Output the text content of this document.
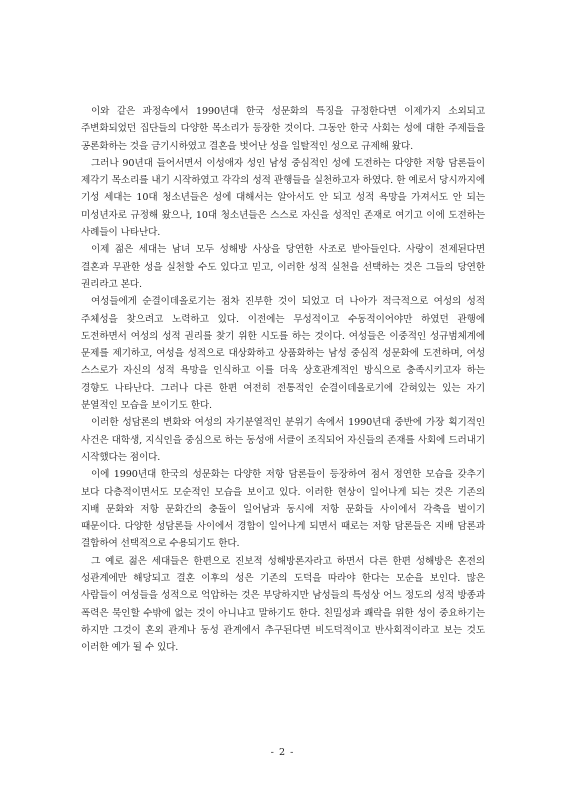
이와 같은 과정속에서 1990년대 한국 성문화의 특징을 규정한다면 이제가지 소외되고 주변화되었던 집단들의 다양한 목소리가 등장한 것이다. 그동안 한국 사회는 성에 대한 주제들을 공론화하는 것을 금기시하였고 결혼을 벗어난 성을 일탈적인 성으로 규제해 왔다.

그러나 90년대 들어서면서 이성애자 성인 남성 중심적인 성에 도전하는 다양한 저항 담론들이 제각기 목소리를 내기 시작하였고 각각의 성적 관행들을 실천하고자 하였다. 한 예로서 당시까지에 기성 세대는 10대 청소년들은 성에 대해서는 알아서도 안 되고 성적 욕망을 가져서도 안 되는 미성년자로 규정해 왔으나, 10대 청소년들은 스스로 자신을 성적인 존재로 여기고 이에 도전하는 사례들이 나타난다.

이제 젊은 세대는 남녀 모두 성해방 사상을 당연한 사조로 받아들인다. 사랑이 전제된다면 결혼과 무관한 성을 실천할 수도 있다고 믿고, 이러한 성적 실천을 선택하는 것은 그들의 당연한 권리라고 본다.

여성들에게 순결이데올로기는 점차 진부한 것이 되었고 더 나아가 적극적으로 여성의 성적 주체성을 찾으려고 노력하고 있다. 이전에는 무성적이고 수동적이어야만 하였던 관행에 도전하면서 여성의 성적 권리를 찾기 위한 시도를 하는 것이다. 여성들은 이중적인 성규범체계에 문제를 제기하고, 여성을 성적으로 대상화하고 상품화하는 남성 중심적 성문화에 도전하며, 여성 스스로가 자신의 성적 욕망을 인식하고 이를 더욱 상호관계적인 방식으로 충족시키고자 하는 경향도 나타난다. 그러나 다른 한편 여전히 전통적인 순결이데올로기에 갇혀있는 있는 자기 분열적인 모습을 보이기도 한다.

이러한 성담론의 변화와 여성의 자기분열적인 분위기 속에서 1990년대 중반에 가장 획기적인 사건은 대학생, 지식인을 중심으로 하는 동성애 서클이 조직되어 자신들의 존재를 사회에 드러내기 시작했다는 점이다.

이에 1990년대 한국의 성문화는 다양한 저항 담론들이 등장하여 점서 정연한 모습을 갖추기 보다 다층적이면서도 모순적인 모습을 보이고 있다. 이러한 현상이 일어나게 되는 것은 기존의 지배 문화와 저항 문화간의 충돌이 일어남과 동시에 저항 문화들 사이에서 각축을 벌이기 때문이다. 다양한 성담론들 사이에서 경합이 일어나게 되면서 때로는 저항 담론들은 지배 담론과 결합하여 선택적으로 수용되기도 한다.

그 예로 젊은 세대들은 한편으로 진보적 성해방론자라고 하면서 다른 한편 성해방은 혼전의 성관계에만 해당되고 결혼 이후의 성은 기존의 도덕을 따라야 한다는 모순을 보인다. 많은 사람들이 여성들을 성적으로 억압하는 것은 부당하지만 남성들의 특성상 어느 정도의 성적 방종과 폭력은 묵인할 수밖에 없는 것이 아니냐고 말하기도 한다. 친밀성과 쾌락을 위한 성이 중요하기는 하지만 그것이 혼외 관계나 동성 관계에서 추구된다면 비도덕적이고 반사회적이라고 보는 것도 이러한 예가 될 수 있다.

- 2 -
